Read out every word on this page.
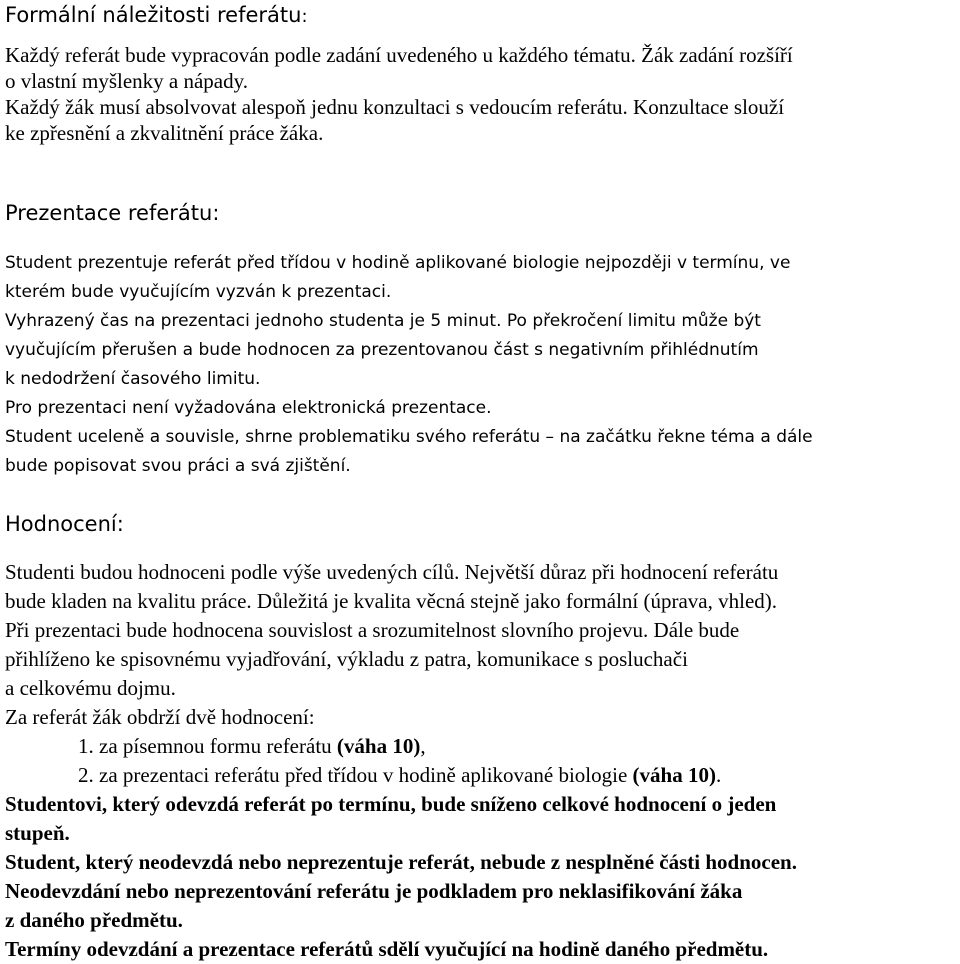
Formální náležitosti referátu:
Každý referát bude vypracován podle zadání uvedeného u každého tématu. Žák zadání rozšíří
o vlastní myšlenky a nápady.
Každý žák musí absolvovat alespoň jednu konzultaci s vedoucím referátu. Konzultace slouží
ke zpřesnění a zkvalitnění práce žáka.
Prezentace referátu:
Student prezentuje referát před třídou v hodině aplikované biologie nejpozději v termínu, ve
kterém bude vyučujícím vyzván k prezentaci.
Vyhrazený čas na prezentaci jednoho studenta je 5 minut. Po překročení limitu může být
vyučujícím přerušen a bude hodnocen za prezentovanou část s negativním přihlédnutím
k nedodržení časového limitu.
Pro prezentaci není vyžadována elektronická prezentace.
Student uceleně a souvisle, shrne problematiku svého referátu – na začátku řekne téma a dále
bude popisovat svou práci a svá zjištění.
Hodnocení:
Studenti budou hodnoceni podle výše uvedených cílů. Největší důraz při hodnocení referátu
bude kladen na kvalitu práce. Důležitá je kvalita věcná stejně jako formální (úprava, vhled).
Při prezentaci bude hodnocena souvislost a srozumitelnost slovního projevu. Dále bude
přihlíženo ke spisovnému vyjadřování, výkladu z patra, komunikace s posluchači
a celkovému dojmu.
Za referát žák obdrží dvě hodnocení:
1. za písemnou formu referátu (váha 10),
2. za prezentaci referátu před třídou v hodině aplikované biologie (váha 10).
Studentovi, který odevzdá referát po termínu, bude sníženo celkové hodnocení o jeden
stupeň.
Student, který neodevzdá nebo neprezentuje referát, nebude z nesplněné části hodnocen.
Neodevzdání nebo neprezentování referátu je podkladem pro neklasifikování žáka
z daného předmětu.
Termíny odevzdání a prezentace referátů sdělí vyučující na hodině daného předmětu.
